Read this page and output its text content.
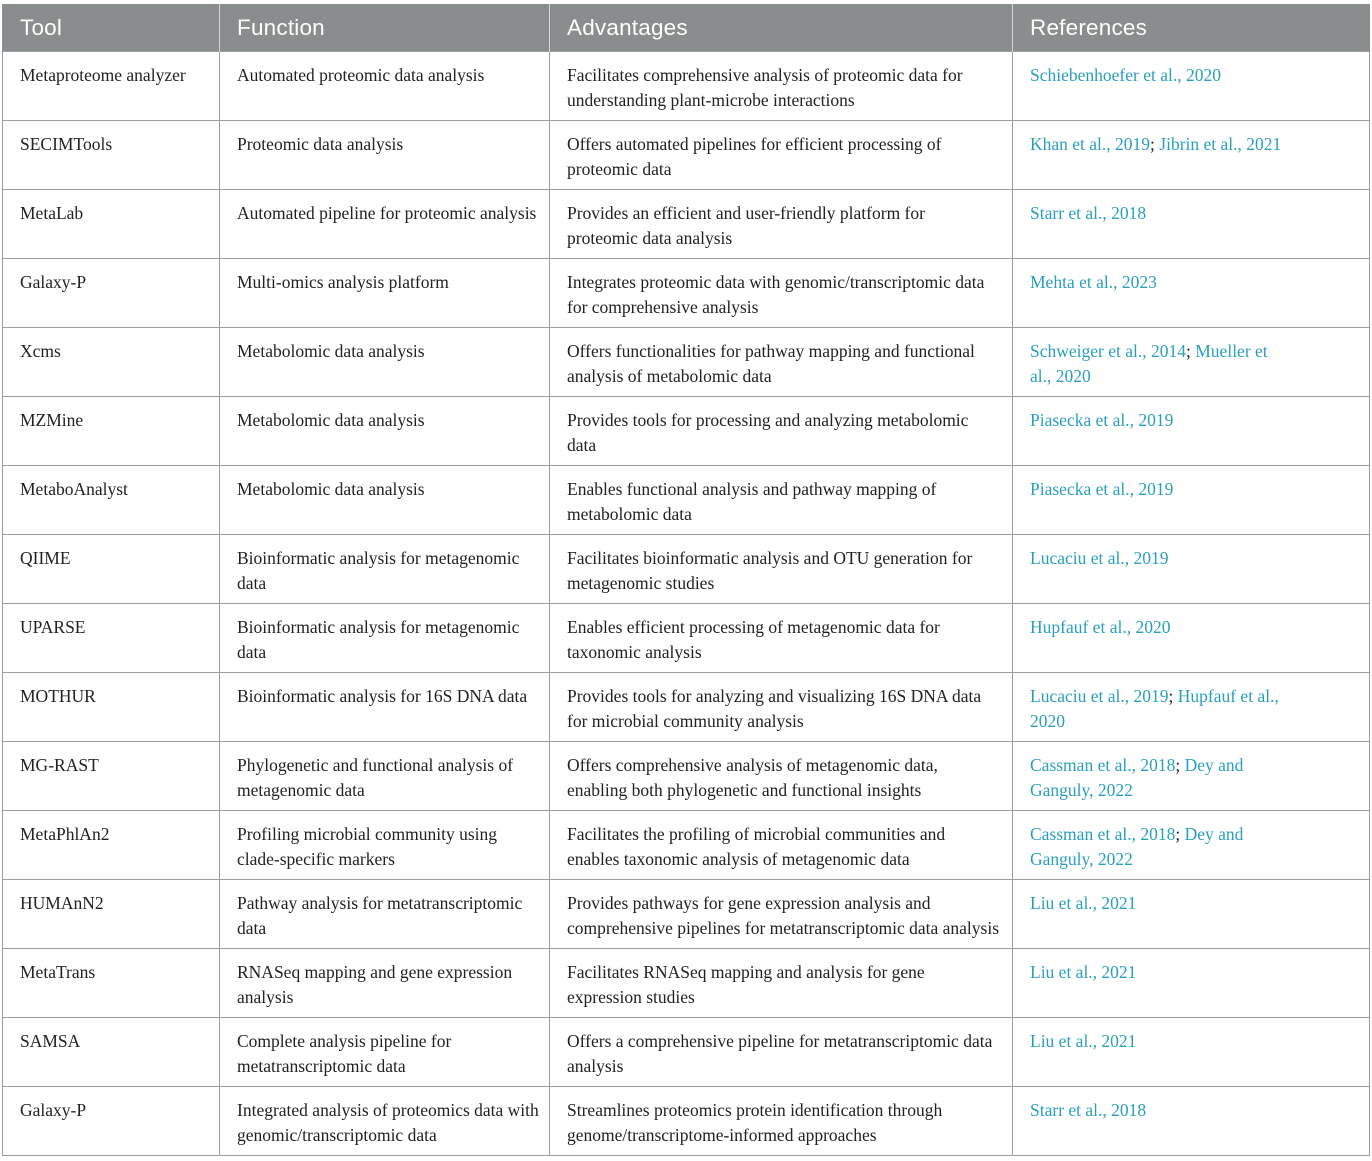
Tool	Function	Advantages	References
Metaproteome analyzer	Automated proteomic data analysis	Facilitates comprehensive analysis of proteomic data for understanding plant-microbe interactions	Schiebenhoefer et al., 2020
SECIMTools	Proteomic data analysis	Offers automated pipelines for efficient processing of proteomic data	Khan et al., 2019; Jibrin et al., 2021
MetaLab	Automated pipeline for proteomic analysis	Provides an efficient and user-friendly platform for proteomic data analysis	Starr et al., 2018
Galaxy-P	Multi-omics analysis platform	Integrates proteomic data with genomic/transcriptomic data for comprehensive analysis	Mehta et al., 2023
Xcms	Metabolomic data analysis	Offers functionalities for pathway mapping and functional analysis of metabolomic data	Schweiger et al., 2014; Mueller et al., 2020
MZMine	Metabolomic data analysis	Provides tools for processing and analyzing metabolomic data	Piasecka et al., 2019
MetaboAnalyst	Metabolomic data analysis	Enables functional analysis and pathway mapping of metabolomic data	Piasecka et al., 2019
QIIME	Bioinformatic analysis for metagenomic data	Facilitates bioinformatic analysis and OTU generation for metagenomic studies	Lucaciu et al., 2019
UPARSE	Bioinformatic analysis for metagenomic data	Enables efficient processing of metagenomic data for taxonomic analysis	Hupfauf et al., 2020
MOTHUR	Bioinformatic analysis for 16S DNA data	Provides tools for analyzing and visualizing 16S DNA data for microbial community analysis	Lucaciu et al., 2019; Hupfauf et al., 2020
MG-RAST	Phylogenetic and functional analysis of metagenomic data	Offers comprehensive analysis of metagenomic data, enabling both phylogenetic and functional insights	Cassman et al., 2018; Dey and Ganguly, 2022
MetaPhlAn2	Profiling microbial community using clade-specific markers	Facilitates the profiling of microbial communities and enables taxonomic analysis of metagenomic data	Cassman et al., 2018; Dey and Ganguly, 2022
HUMAnN2	Pathway analysis for metatranscriptomic data	Provides pathways for gene expression analysis and comprehensive pipelines for metatranscriptomic data analysis	Liu et al., 2021
MetaTrans	RNASeq mapping and gene expression analysis	Facilitates RNASeq mapping and analysis for gene expression studies	Liu et al., 2021
SAMSA	Complete analysis pipeline for metatranscriptomic data	Offers a comprehensive pipeline for metatranscriptomic data analysis	Liu et al., 2021
Galaxy-P	Integrated analysis of proteomics data with genomic/transcriptomic data	Streamlines proteomics protein identification through genome/transcriptome-informed approaches	Starr et al., 2018
